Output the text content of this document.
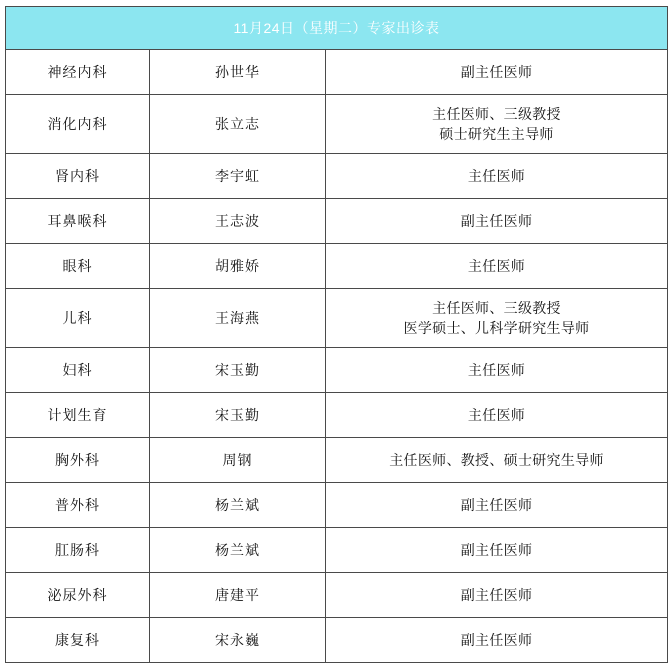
11月24日（星期二）专家出诊表		
神经内科	孙世华	副主任医师

消化内科	张立志	主任医师、三级教授
硕士研究生主导师

肾内科	李宇虹	主任医师

耳鼻喉科	王志波	副主任医师

眼科	胡雅娇	主任医师

儿科	王海燕	主任医师、三级教授
医学硕士、儿科学研究生导师

妇科	宋玉勤	主任医师

计划生育	宋玉勤	主任医师

胸外科	周钢	主任医师、教授、硕士研究生导师

普外科	杨兰斌	副主任医师

肛肠科	杨兰斌	副主任医师

泌尿外科	唐建平	副主任医师

康复科	宋永巍	副主任医师
